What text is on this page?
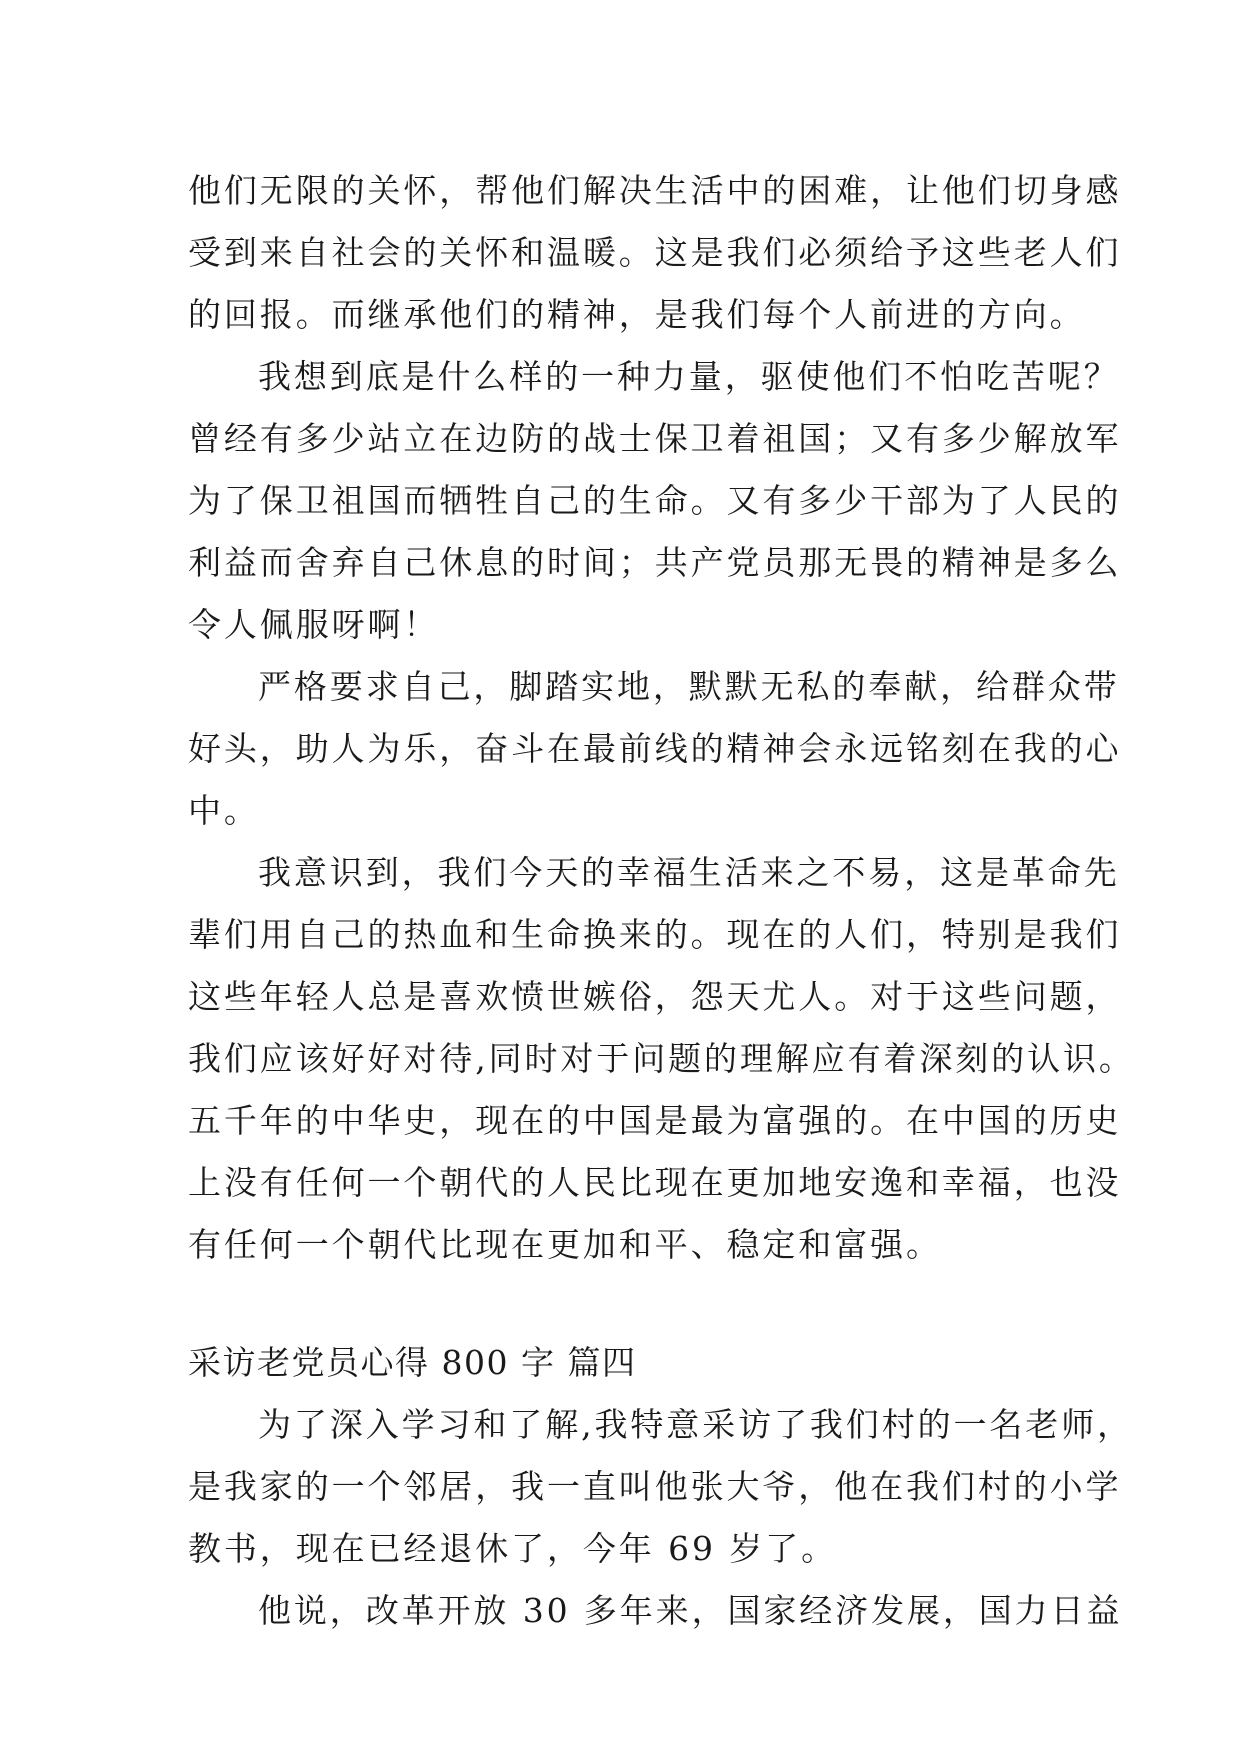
他们无限的关怀，帮他们解决生活中的困难，让他们切身感
受到来自社会的关怀和温暖。这是我们必须给予这些老人们
的回报。而继承他们的精神，是我们每个人前进的方向。
我想到底是什么样的一种力量，驱使他们不怕吃苦呢？
曾经有多少站立在边防的战士保卫着祖国；又有多少解放军
为了保卫祖国而牺牲自己的生命。又有多少干部为了人民的
利益而舍弃自己休息的时间；共产党员那无畏的精神是多么
令人佩服呀啊！
严格要求自己，脚踏实地，默默无私的奉献，给群众带
好头，助人为乐，奋斗在最前线的精神会永远铭刻在我的心
中。
我意识到，我们今天的幸福生活来之不易，这是革命先
辈们用自己的热血和生命换来的。现在的人们，特别是我们
这些年轻人总是喜欢愤世嫉俗，怨天尤人。对于这些问题，
我们应该好好对待,同时对于问题的理解应有着深刻的认识。
五千年的中华史，现在的中国是最为富强的。在中国的历史
上没有任何一个朝代的人民比现在更加地安逸和幸福，也没
有任何一个朝代比现在更加和平、稳定和富强。
采访老党员心得 800 字 篇四
为了深入学习和了解,我特意采访了我们村的一名老师，
是我家的一个邻居，我一直叫他张大爷，他在我们村的小学
教书，现在已经退休了，今年 69 岁了。
他说，改革开放 30 多年来，国家经济发展，国力日益
